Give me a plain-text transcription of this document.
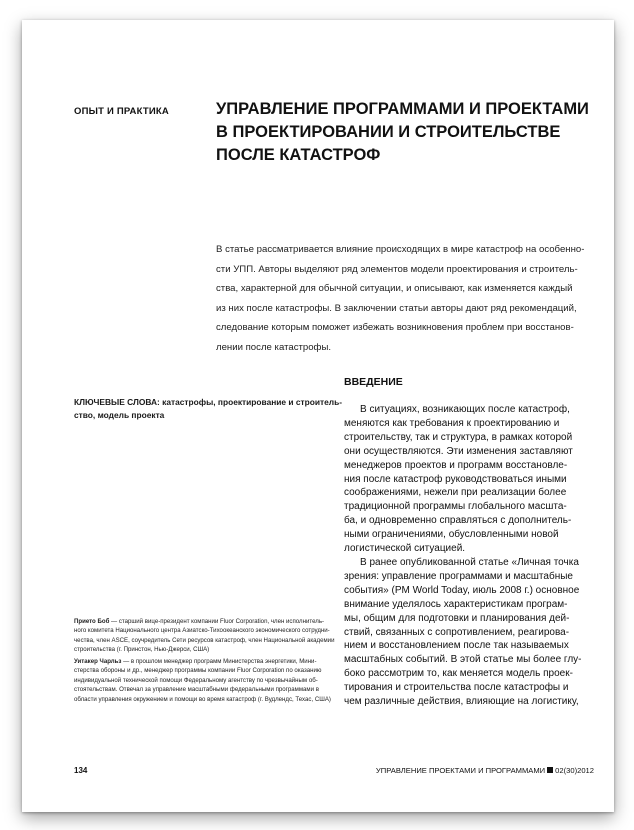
ОПЫТ И ПРАКТИКА	УПРАВЛЕНИЕ ПРОГРАММАМИ И ПРОЕКТАМИ
В ПРОЕКТИРОВАНИИ И СТРОИТЕЛЬСТВЕ
ПОСЛЕ КАТАСТРОФ
В статье рассматривается влияние происходящих в мире катастроф на особенно-
сти УПП. Авторы выделяют ряд элементов модели проектирования и строитель-
ства, характерной для обычной ситуации, и описывают, как изменяется каждый
из них после катастрофы. В заключении статьи авторы дают ряд рекомендаций,
следование которым поможет избежать возникновения проблем при восстанов-
лении после катастрофы.
КЛЮЧЕВЫЕ СЛОВА: катастрофы, проектирование и строитель-
ство, модель проекта
ВВЕДЕНИЕ
В ситуациях, возникающих после катастроф,
меняются как требования к проектированию и
строительству, так и структура, в рамках которой
они осуществляются. Эти изменения заставляют
менеджеров проектов и программ восстановле-
ния после катастроф руководствоваться иными
соображениями, нежели при реализации более
традиционной программы глобального масшта-
ба, и одновременно справляться с дополнитель-
ными ограничениями, обусловленными новой
логистической ситуацией.
В ранее опубликованной статье «Личная точка
зрения: управление программами и масштабные
события» (PM World Today, июль 2008 г.) основное
внимание уделялось характеристикам програм-
мы, общим для подготовки и планирования дей-
ствий, связанных с сопротивлением, реагирова-
нием и восстановлением после так называемых
масштабных событий. В этой статье мы более глу-
боко рассмотрим то, как меняется модель проек-
тирования и строительства после катастрофы и
чем различные действия, влияющие на логистику,
Прието Боб — старший вице-президент компании Fluor Corporation, член исполнитель-
ного комитета Национального центра Азиатско-Тихоокеанского экономического сотрудни-
чества, член ASCE, соучредитель Сети ресурсов катастроф, член Национальной академии
строительства (г. Принстон, Нью-Джерси, США)
Уитакер Чарльз — в прошлом менеджер программ Министерства энергетики, Мини-
стерства обороны и др., менеджер программы компании Fluor Corporation по оказанию
индивидуальной технической помощи Федеральному агентству по чрезвычайным об-
стоятельствам. Отвечал за управление масштабными федеральными программами в
области управления окружением и помощи во время катастроф (г. Вудлендс, Техас, США)
134	УПРАВЛЕНИЕ ПРОЕКТАМИ И ПРОГРАММАМИ 02(30)2012
